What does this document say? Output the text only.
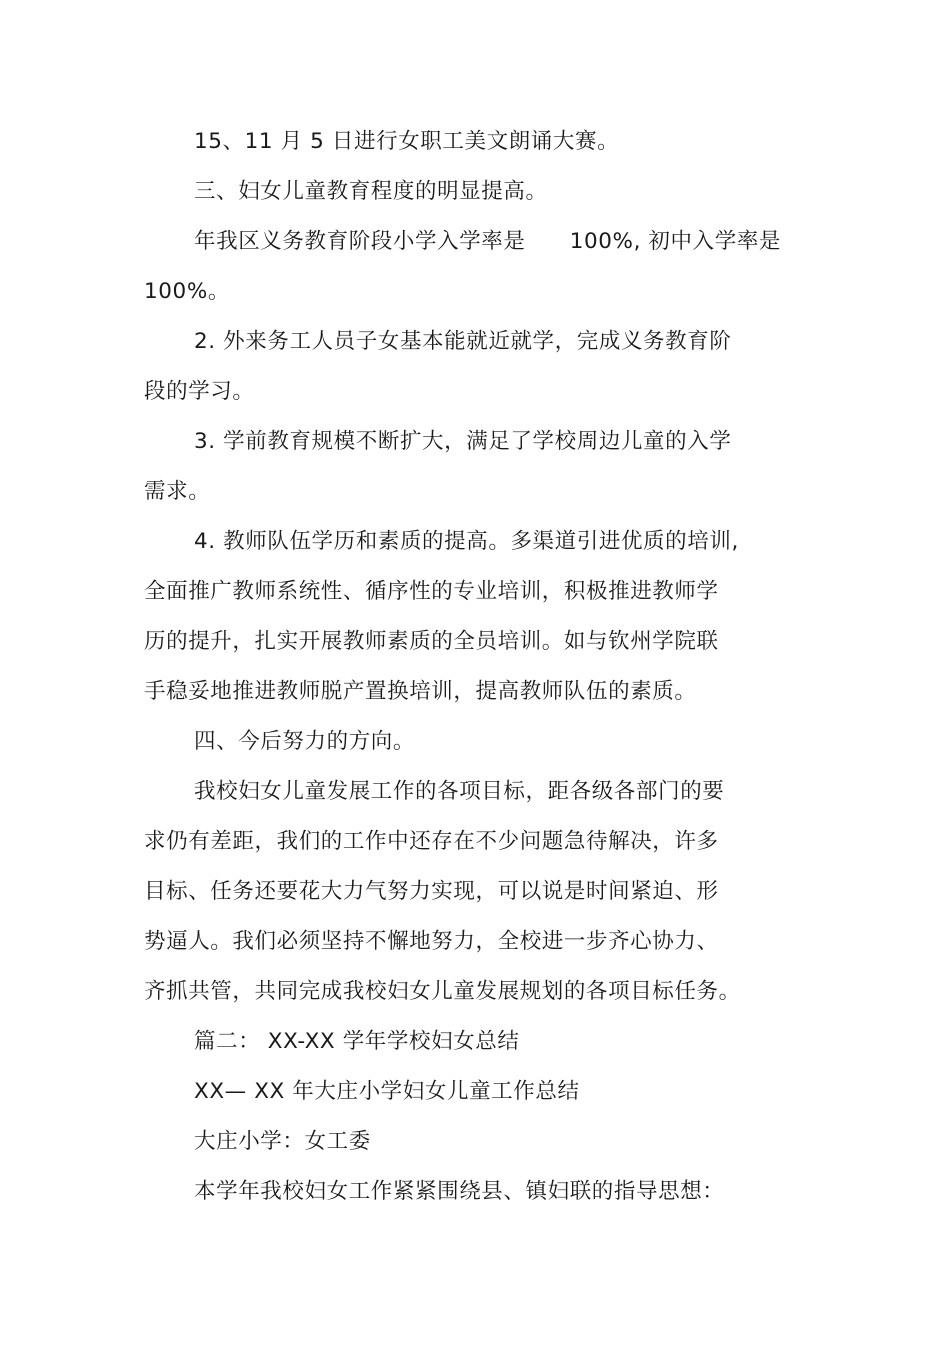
15、11 月 5 日进行女职工美文朗诵大赛。
三、妇女儿童教育程度的明显提高。
年我区义务教育阶段小学入学率是　　100%, 初中入学率是
100%。
2. 外来务工人员子女基本能就近就学，完成义务教育阶
段的学习。
3. 学前教育规模不断扩大，满足了学校周边儿童的入学
需求。
4. 教师队伍学历和素质的提高。多渠道引进优质的培训,
全面推广教师系统性、循序性的专业培训，积极推进教师学
历的提升，扎实开展教师素质的全员培训。如与钦州学院联
手稳妥地推进教师脱产置换培训，提高教师队伍的素质。
四、今后努力的方向。
我校妇女儿童发展工作的各项目标，距各级各部门的要
求仍有差距，我们的工作中还存在不少问题急待解决，许多
目标、任务还要花大力气努力实现，可以说是时间紧迫、形
势逼人。我们必须坚持不懈地努力，全校进一步齐心协力、
齐抓共管，共同完成我校妇女儿童发展规划的各项目标任务。
篇二： XX-XX 学年学校妇女总结
XX— XX 年大庄小学妇女儿童工作总结
大庄小学：女工委
本学年我校妇女工作紧紧围绕县、镇妇联的指导思想：
